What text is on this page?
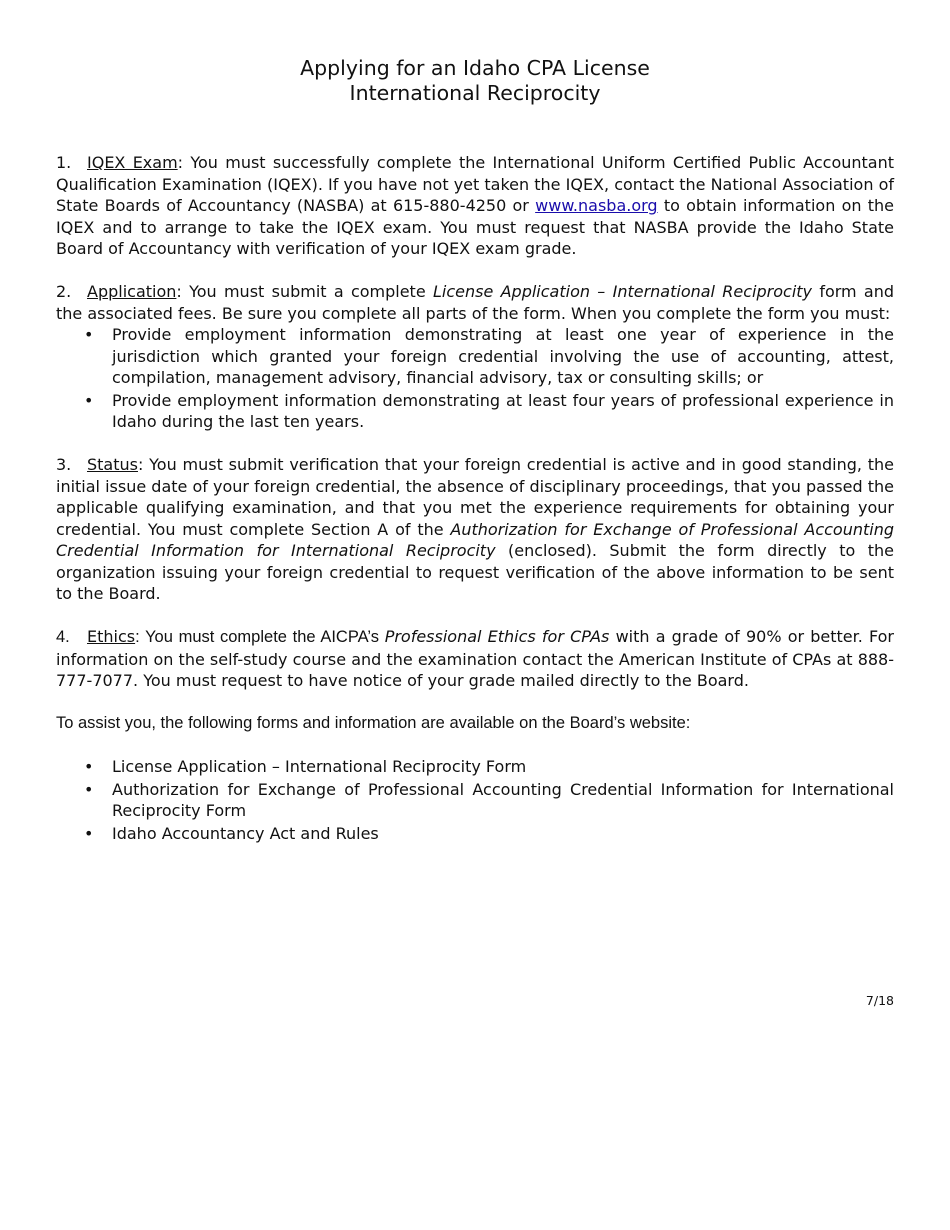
Applying for an Idaho CPA License
International Reciprocity

1. IQEX Exam: You must successfully complete the International Uniform Certified Public Accountant Qualification Examination (IQEX). If you have not yet taken the IQEX, contact the National Association of State Boards of Accountancy (NASBA) at 615-880-4250 or www.nasba.org to obtain information on the IQEX and to arrange to take the IQEX exam. You must request that NASBA provide the Idaho State Board of Accountancy with verification of your IQEX exam grade.

2. Application: You must submit a complete License Application – International Reciprocity form and the associated fees. Be sure you complete all parts of the form. When you complete the form you must:

• Provide employment information demonstrating at least one year of experience in the jurisdiction which granted your foreign credential involving the use of accounting, attest, compilation, management advisory, financial advisory, tax or consulting skills; or
• Provide employment information demonstrating at least four years of professional experience in Idaho during the last ten years.

3. Status: You must submit verification that your foreign credential is active and in good standing, the initial issue date of your foreign credential, the absence of disciplinary proceedings, that you passed the applicable qualifying examination, and that you met the experience requirements for obtaining your credential. You must complete Section A of the Authorization for Exchange of Professional Accounting Credential Information for International Reciprocity (enclosed). Submit the form directly to the organization issuing your foreign credential to request verification of the above information to be sent to the Board.

4. Ethics: You must complete the AICPA’s Professional Ethics for CPAs with a grade of 90% or better. For information on the self-study course and the examination contact the American Institute of CPAs at 888-777-7077. You must request to have notice of your grade mailed directly to the Board.

To assist you, the following forms and information are available on the Board’s website:

• License Application – International Reciprocity Form
• Authorization for Exchange of Professional Accounting Credential Information for International Reciprocity Form
• Idaho Accountancy Act and Rules
7/18
